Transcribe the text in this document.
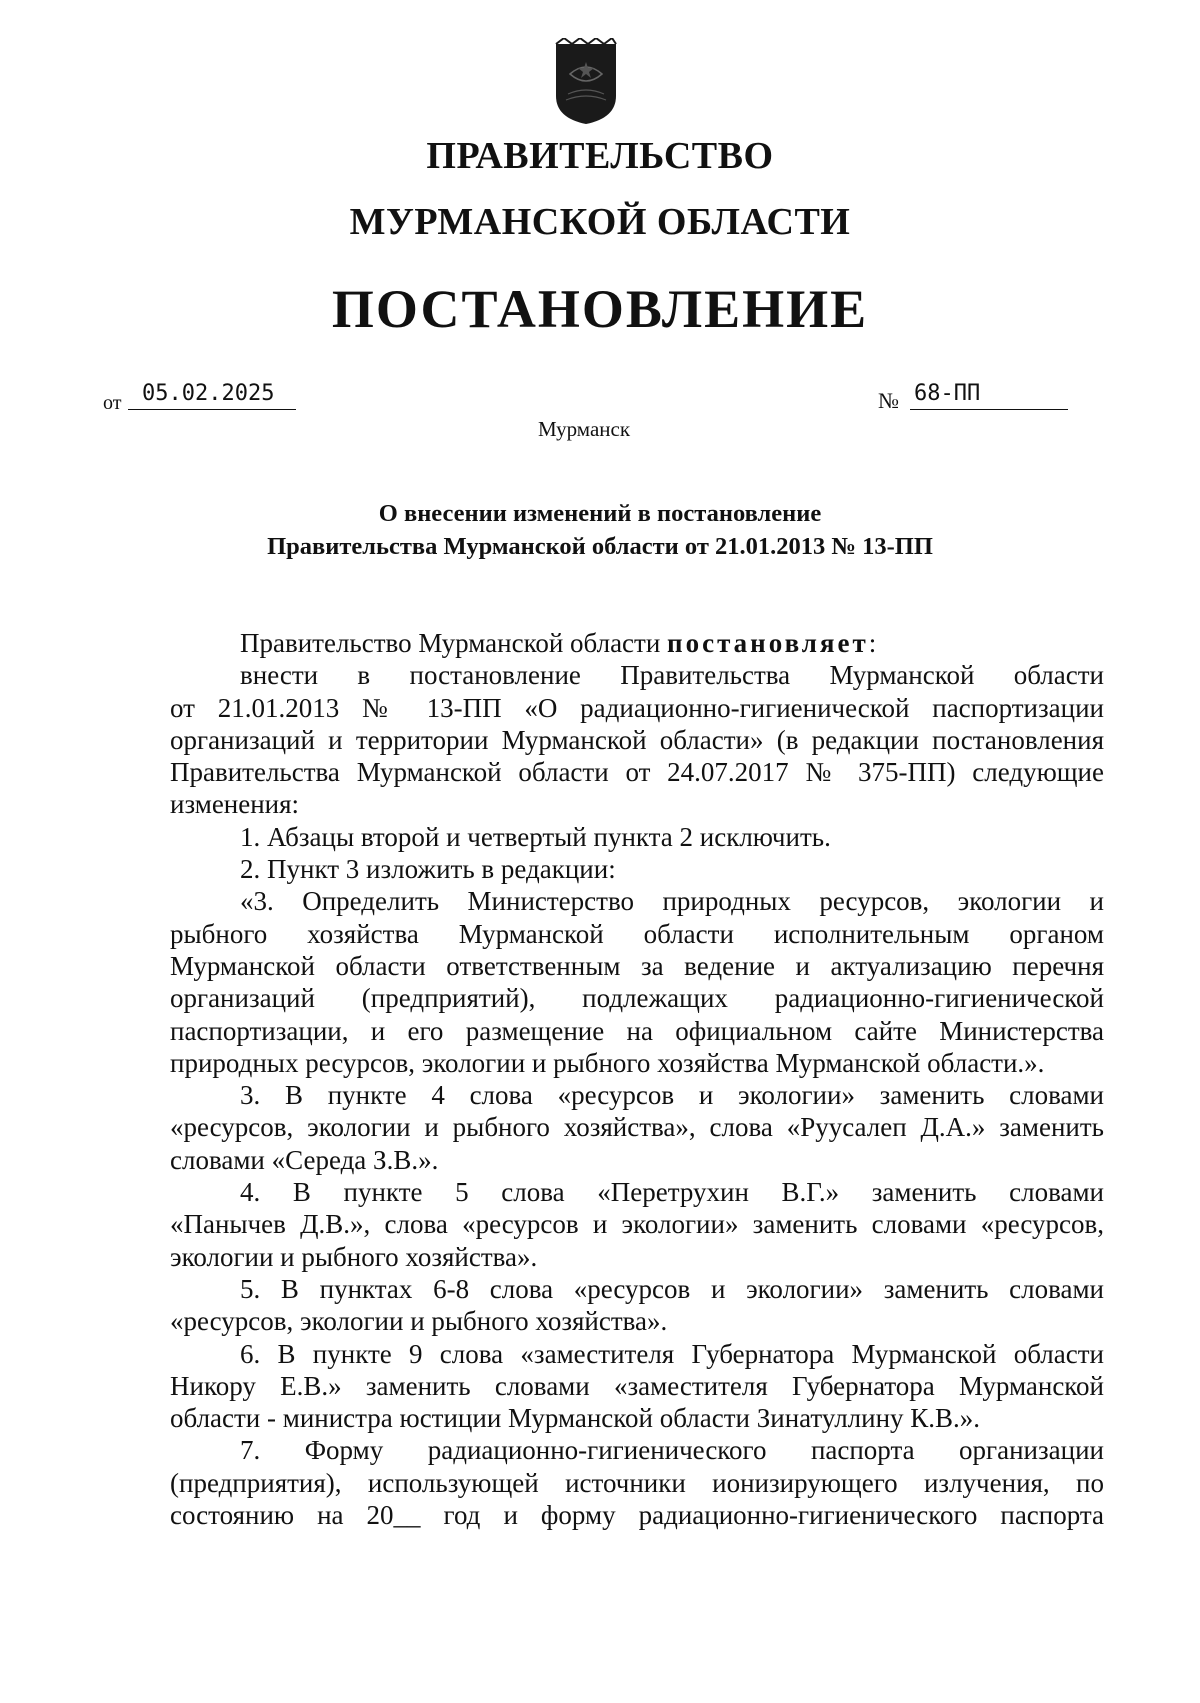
ПРАВИТЕЛЬСТВО
МУРМАНСКОЙ ОБЛАСТИ
ПОСТАНОВЛЕНИЕ
от 05.02.2025	№ 68-ПП
Мурманск
О внесении изменений в постановление
Правительства Мурманской области от 21.01.2013 № 13-ПП
Правительство Мурманской области постановляет:
внести в постановление Правительства Мурманской области
от 21.01.2013 № 13-ПП «О радиационно-гигиенической паспортизации
организаций и территории Мурманской области» (в редакции постановления
Правительства Мурманской области от 24.07.2017 № 375-ПП) следующие
изменения:
1. Абзацы второй и четвертый пункта 2 исключить.
2. Пункт 3 изложить в редакции:
«3. Определить Министерство природных ресурсов, экологии и
рыбного хозяйства Мурманской области исполнительным органом
Мурманской области ответственным за ведение и актуализацию перечня
организаций (предприятий), подлежащих радиационно-гигиенической
паспортизации, и его размещение на официальном сайте Министерства
природных ресурсов, экологии и рыбного хозяйства Мурманской области.».
3. В пункте 4 слова «ресурсов и экологии» заменить словами
«ресурсов, экологии и рыбного хозяйства», слова «Руусалеп Д.А.» заменить
словами «Середа З.В.».
4. В пункте 5 слова «Перетрухин В.Г.» заменить словами
«Панычев Д.В.», слова «ресурсов и экологии» заменить словами «ресурсов,
экологии и рыбного хозяйства».
5. В пунктах 6-8 слова «ресурсов и экологии» заменить словами
«ресурсов, экологии и рыбного хозяйства».
6. В пункте 9 слова «заместителя Губернатора Мурманской области
Никору Е.В.» заменить словами «заместителя Губернатора Мурманской
области - министра юстиции Мурманской области Зинатуллину К.В.».
7. Форму радиационно-гигиенического паспорта организации
(предприятия), использующей источники ионизирующего излучения, по
состоянию на 20__ год и форму радиационно-гигиенического паспорта
